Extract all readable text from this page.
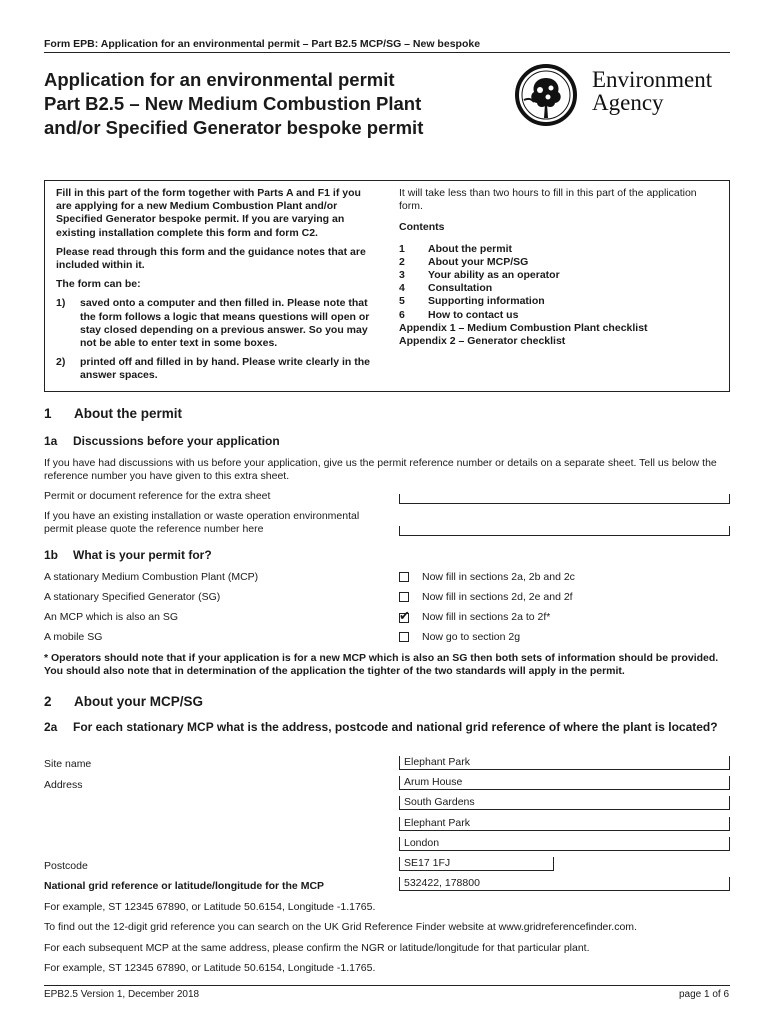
Form EPB: Application for an environmental permit – Part B2.5 MCP/SG – New bespoke
Application for an environmental permit
Part B2.5 – New Medium Combustion Plant
and/or Specified Generator bespoke permit
Environment
Agency

Fill in this part of the form together with Parts A and F1 if you are applying for a new Medium Combustion Plant and/or Specified Generator bespoke permit. If you are varying an existing installation complete this form and form C2.

Please read through this form and the guidance notes that are included within it.

The form can be:

1) saved onto a computer and then filled in. Please note that the form follows a logic that means questions will open or stay closed depending on a previous answer. So you may not be able to enter text in some boxes.
2) printed off and filled in by hand. Please write clearly in the answer spaces.

It will take less than two hours to fill in this part of the application form.

Contents
1	About the permit
2	About your MCP/SG
3	Your ability as an operator
4	Consultation
5	Supporting information
6	How to contact us
Appendix 1 – Medium Combustion Plant checklist
Appendix 2 – Generator checklist
1 About the permit
1a Discussions before your application
If you have had discussions with us before your application, give us the permit reference number or details on a separate sheet. Tell us below the reference number you have given to this extra sheet.
Permit or document reference for the extra sheet
If you have an existing installation or waste operation environmental permit please quote the reference number here
1b What is your permit for?
A stationary Medium Combustion Plant (MCP)	Now fill in sections 2a, 2b and 2c
A stationary Specified Generator (SG)	Now fill in sections 2d, 2e and 2f
An MCP which is also an SG	✔ Now fill in sections 2a to 2f*
A mobile SG	Now go to section 2g
* Operators should note that if your application is for a new MCP which is also an SG then both sets of information should be provided. You should also note that in determination of the application the tighter of the two standards will apply in the permit.
2 About your MCP/SG
2a For each stationary MCP what is the address, postcode and national grid reference of where the plant is located?
Site name	Elephant Park
Address	Arum House
South Gardens
Elephant Park
London
Postcode	SE17 1FJ
National grid reference or latitude/longitude for the MCP	532422, 178800
For example, ST 12345 67890, or Latitude 50.6154, Longitude -1.1765.
To find out the 12-digit grid reference you can search on the UK Grid Reference Finder website at www.gridreferencefinder.com.
For each subsequent MCP at the same address, please confirm the NGR or latitude/longitude for that particular plant.
For example, ST 12345 67890, or Latitude 50.6154, Longitude -1.1765.
EPB2.5 Version 1, December 2018	page 1 of 6
